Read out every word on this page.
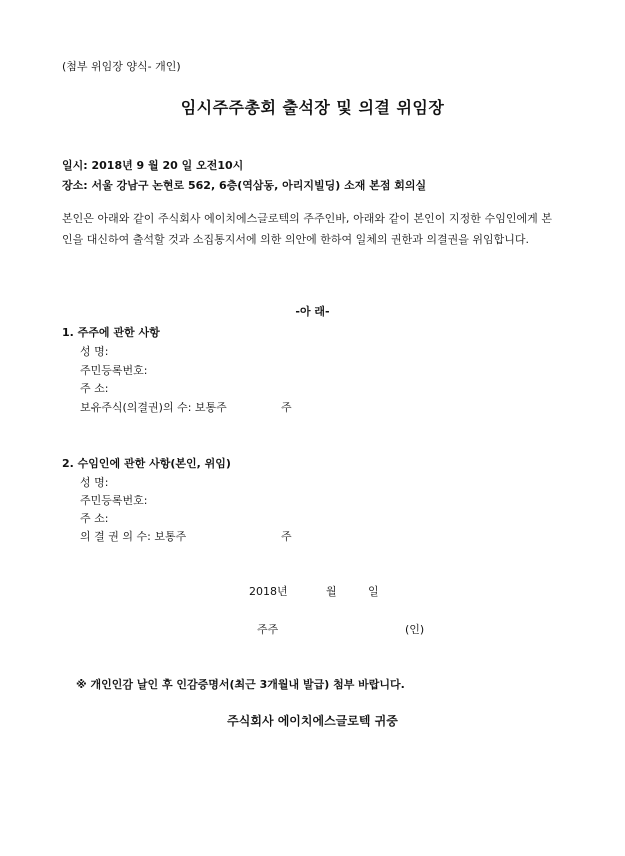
(첨부 위임장 양식- 개인)
임시주주총회 출석장 및 의결 위임장
일시: 2018년 9 월 20 일 오전10시
장소: 서울 강남구 논현로 562, 6층(역삼동, 아리지빌딩) 소재 본점 회의실
본인은 아래와 같이 주식회사 에이치에스글로텍의 주주인바, 아래와 같이 본인이 지정한 수임인에게 본인을 대신하여 출석할 것과 소집통지서에 의한 의안에 한하여 일체의 권한과 의결권을 위임합니다.
-아 래-
1. 주주에 관한 사항
성 명:
주민등록번호:
주 소:
보유주식(의결권)의 수: 보통주	주
2. 수임인에 관한 사항(본인, 위임)
성 명:
주민등록번호:
주 소:
의 결 권 의 수: 보통주	주
2018년	월	일
주주	(인)
※ 개인인감 날인 후 인감증명서(최근 3개월내 발급) 첨부 바랍니다.
주식회사 에이치에스글로텍 귀중
